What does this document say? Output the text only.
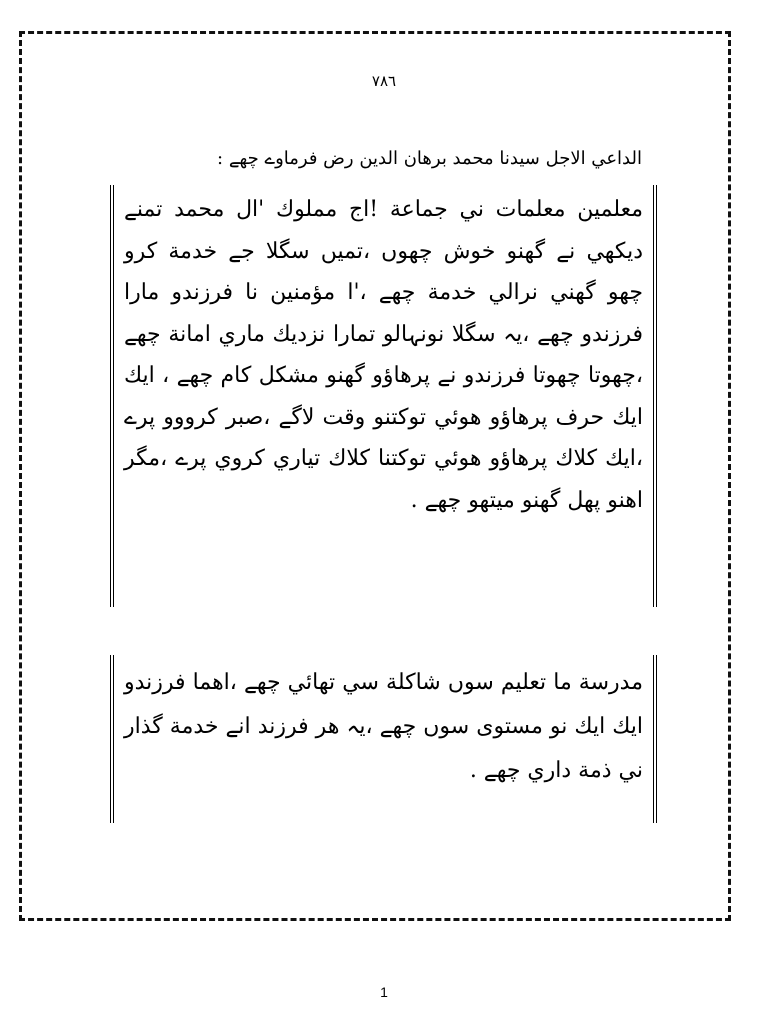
٧٨٦
الداعي الاجل سيدنا محمد برهان الدين رض فرماوے چھے :

معلمين معلمات ني جماعة !اج مملوك 'ال محمد تمنے ديكهي نے گهنو خوش چھوں ،تميں سگلا جے خدمة كرو چھو گهني نرالي خدمة چھے ،'ا مؤمنين نا فرزندو مارا فرزندو چھے ،يہ سگلا نونہالو تمارا نزديك ماري امانة چھے ،چھوتا چھوتا فرزندو نے پرهاؤو گهنو مشكل كام چھے ، ايك ايك حرف پرهاؤو هوئي توكتنو وقت لاگے ،صبر كرووو پرے ،ايك كلاك پرهاؤو هوئي توكتنا كلاك تياري كروي پرے ،مگر اهنو پهل گهنو ميتهو چھے .

مدرسة ما تعليم سوں شاكلة سي تھائي چھے ،اهما فرزندو ايك ايك نو مستوى سوں چھے ،يہ هر فرزند انے خدمة گذار ني ذمة داري چھے .

1
